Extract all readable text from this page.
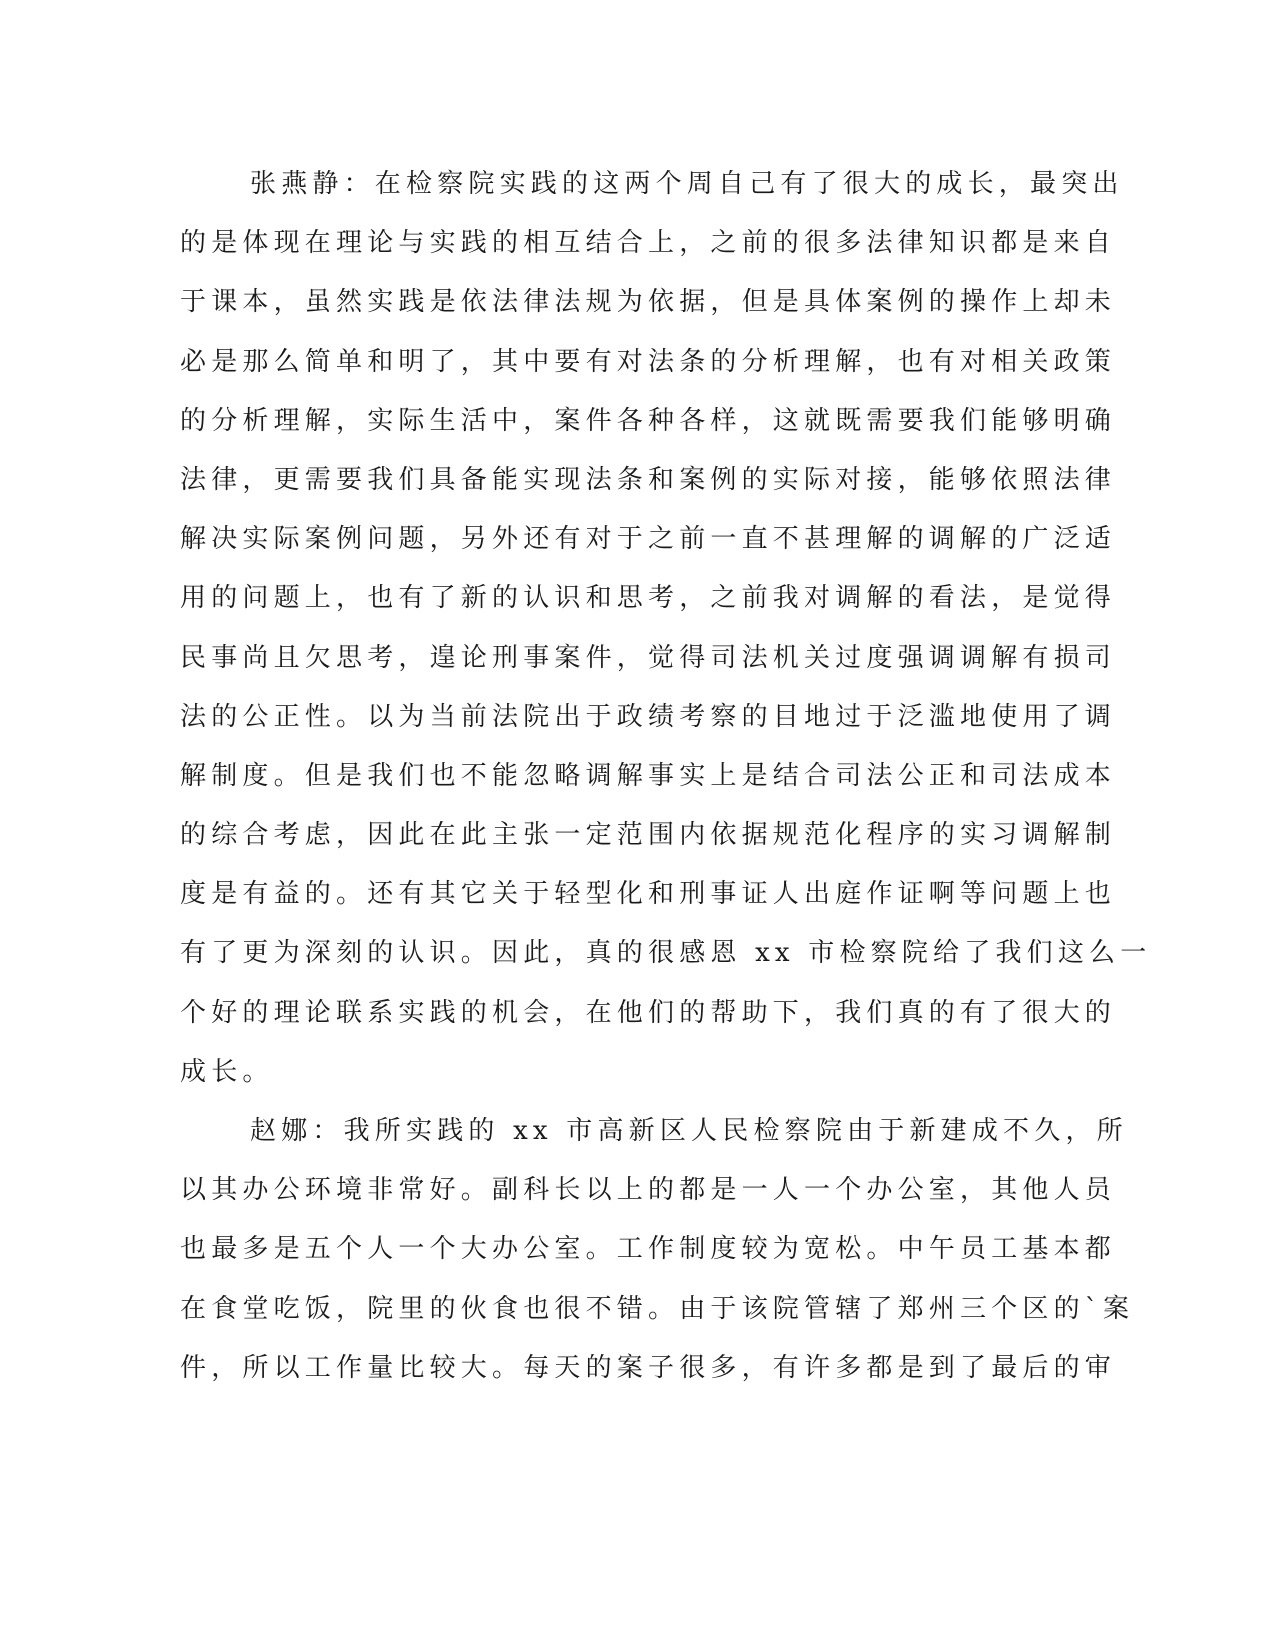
张燕静：在检察院实践的这两个周自己有了很大的成长，最突出
的是体现在理论与实践的相互结合上，之前的很多法律知识都是来自
于课本，虽然实践是依法律法规为依据，但是具体案例的操作上却未
必是那么简单和明了，其中要有对法条的分析理解，也有对相关政策
的分析理解，实际生活中，案件各种各样，这就既需要我们能够明确
法律，更需要我们具备能实现法条和案例的实际对接，能够依照法律
解决实际案例问题，另外还有对于之前一直不甚理解的调解的广泛适
用的问题上，也有了新的认识和思考，之前我对调解的看法，是觉得
民事尚且欠思考，遑论刑事案件，觉得司法机关过度强调调解有损司
法的公正性。以为当前法院出于政绩考察的目地过于泛滥地使用了调
解制度。但是我们也不能忽略调解事实上是结合司法公正和司法成本
的综合考虑，因此在此主张一定范围内依据规范化程序的实习调解制
度是有益的。还有其它关于轻型化和刑事证人出庭作证啊等问题上也
有了更为深刻的认识。因此，真的很感恩 xx 市检察院给了我们这么一
个好的理论联系实践的机会，在他们的帮助下，我们真的有了很大的
成长。
赵娜：我所实践的 xx 市高新区人民检察院由于新建成不久，所
以其办公环境非常好。副科长以上的都是一人一个办公室，其他人员
也最多是五个人一个大办公室。工作制度较为宽松。中午员工基本都
在食堂吃饭，院里的伙食也很不错。由于该院管辖了郑州三个区的`案
件，所以工作量比较大。每天的案子很多，有许多都是到了最后的审
